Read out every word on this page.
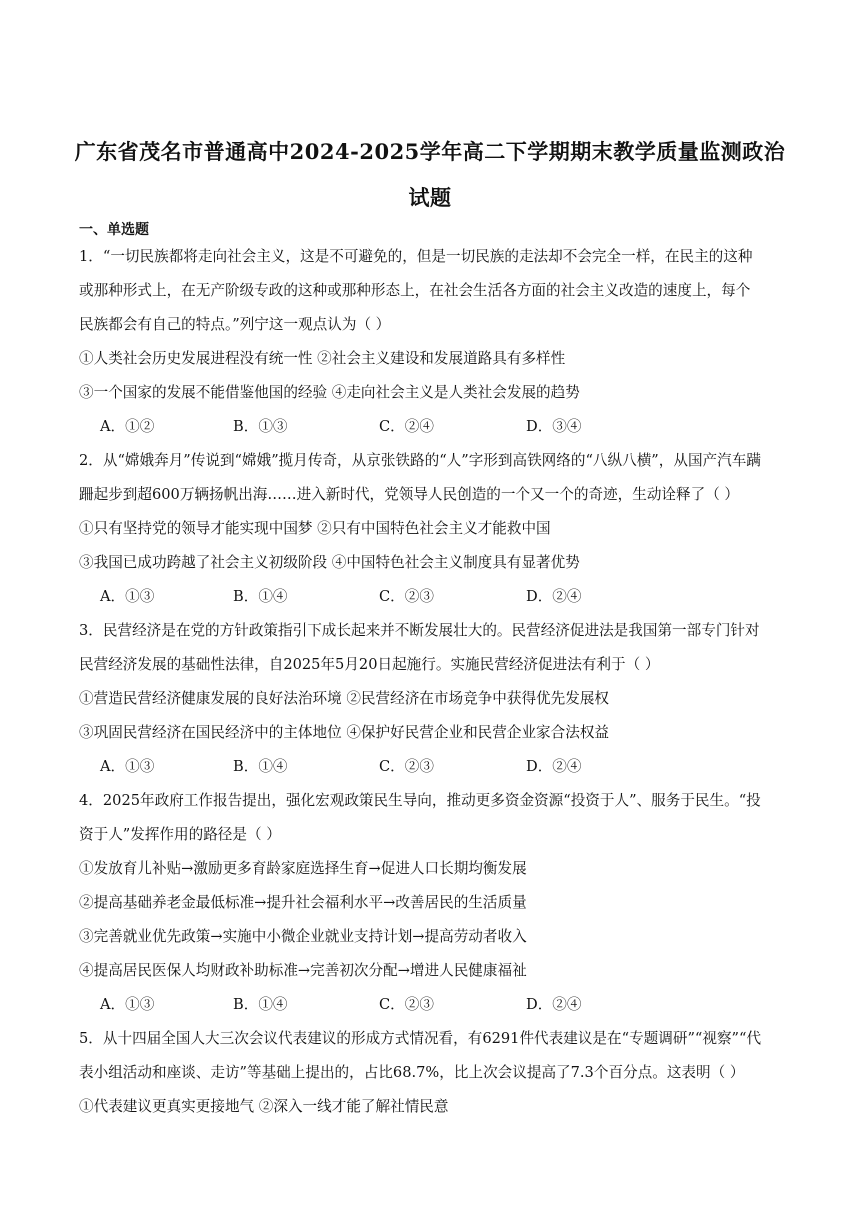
广东省茂名市普通高中2024-2025学年高二下学期期末教学质量监测政治
试题
一、单选题
1．“一切民族都将走向社会主义，这是不可避免的，但是一切民族的走法却不会完全一样，在民主的这种
或那种形式上，在无产阶级专政的这种或那种形态上，在社会生活各方面的社会主义改造的速度上，每个
民族都会有自己的特点。”列宁这一观点认为（ ）
①人类社会历史发展进程没有统一性 ②社会主义建设和发展道路具有多样性
③一个国家的发展不能借鉴他国的经验 ④走向社会主义是人类社会发展的趋势
A．①②	B．①③	C．②④	D．③④
2．从“嫦娥奔月”传说到“嫦娥”揽月传奇，从京张铁路的“人”字形到高铁网络的“八纵八横”，从国产汽车蹒
跚起步到超600万辆扬帆出海……进入新时代，党领导人民创造的一个又一个的奇迹，生动诠释了（ ）
①只有坚持党的领导才能实现中国梦 ②只有中国特色社会主义才能救中国
③我国已成功跨越了社会主义初级阶段 ④中国特色社会主义制度具有显著优势
A．①③	B．①④	C．②③	D．②④
3．民营经济是在党的方针政策指引下成长起来并不断发展壮大的。民营经济促进法是我国第一部专门针对
民营经济发展的基础性法律，自2025年5月20日起施行。实施民营经济促进法有利于（ ）
①营造民营经济健康发展的良好法治环境 ②民营经济在市场竞争中获得优先发展权
③巩固民营经济在国民经济中的主体地位 ④保护好民营企业和民营企业家合法权益
A．①③	B．①④	C．②③	D．②④
4．2025年政府工作报告提出，强化宏观政策民生导向，推动更多资金资源“投资于人”、服务于民生。“投
资于人”发挥作用的路径是（ ）
①发放育儿补贴→激励更多育龄家庭选择生育→促进人口长期均衡发展
②提高基础养老金最低标准→提升社会福利水平→改善居民的生活质量
③完善就业优先政策→实施中小微企业就业支持计划→提高劳动者收入
④提高居民医保人均财政补助标准→完善初次分配→增进人民健康福祉
A．①③	B．①④	C．②③	D．②④
5．从十四届全国人大三次会议代表建议的形成方式情况看，有6291件代表建议是在“专题调研”“视察”“代
表小组活动和座谈、走访”等基础上提出的，占比68.7%，比上次会议提高了7.3个百分点。这表明（ ）
①代表建议更真实更接地气 ②深入一线才能了解社情民意
